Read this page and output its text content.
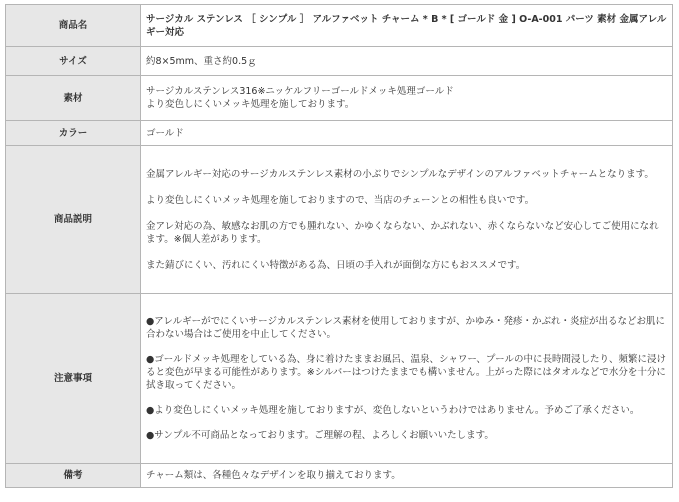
商品名	サージカル ステンレス ［ シンプル ］ アルファベット チャーム * B * [ ゴールド 金 ] O-A-001 パーツ 素材 金属アレルギー対応
サイズ	約8×5mm、重さ約0.5ｇ
素材	サージカルステンレス316※ニッケルフリーゴールドメッキ処理ゴールド
より変色しにくいメッキ処理を施しております。

カラー	ゴールド
商品説明	金属アレルギー対応のサージカルステンレス素材の小ぶりでシンプルなデザインのアルファベットチャームとなります。
より変色しにくいメッキ処理を施しておりますので、当店のチェーンとの相性も良いです。
金アレ対応の為、敏感なお肌の方でも腫れない、かゆくならない、かぶれない、赤くならないなど安心してご使用になれます。※個人差があります。
また錆びにくい、汚れにくい特徴がある為、日頃の手入れが面倒な方にもおススメです。

注意事項	●アレルギーがでにくいサージカルステンレス素材を使用しておりますが、かゆみ・発疹・かぶれ・炎症が出るなどお肌に合わない場合はご使用を中止してください。
●ゴールドメッキ処理をしている為、身に着けたままお風呂、温泉、シャワー、プールの中に長時間浸したり、頻繁に浸けると変色が早まる可能性があります。※シルバーはつけたままでも構いません。上がった際にはタオルなどで水分を十分に拭き取ってください。
●より変色しにくいメッキ処理を施しておりますが、変色しないというわけではありません。予めご了承ください。
●サンプル不可商品となっております。ご理解の程、よろしくお願いいたします。

備考	チャーム類は、各種色々なデザインを取り揃えております。
